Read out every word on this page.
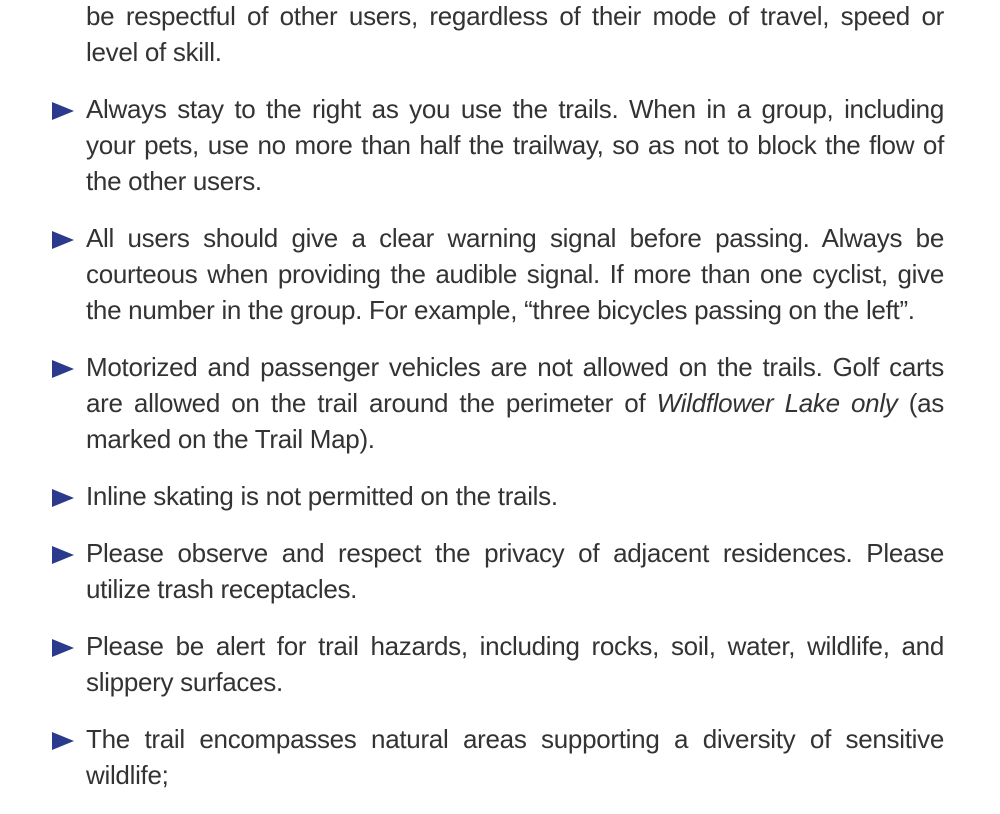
be respectful of other users, regardless of their mode of travel, speed or level of skill.
Always stay to the right as you use the trails. When in a group, including your pets, use no more than half the trailway, so as not to block the flow of the other users.
All users should give a clear warning signal before passing. Always be courteous when providing the audible signal. If more than one cyclist, give the number in the group. For example, “three bicycles passing on the left”.
Motorized and passenger vehicles are not allowed on the trails. Golf carts are allowed on the trail around the perimeter of Wildflower Lake only (as marked on the Trail Map).
Inline skating is not permitted on the trails.
Please observe and respect the privacy of adjacent residences. Please utilize trash receptacles.
Please be alert for trail hazards, including rocks, soil, water, wildlife, and slippery surfaces.
The trail encompasses natural areas supporting a diversity of sensitive wildlife;
